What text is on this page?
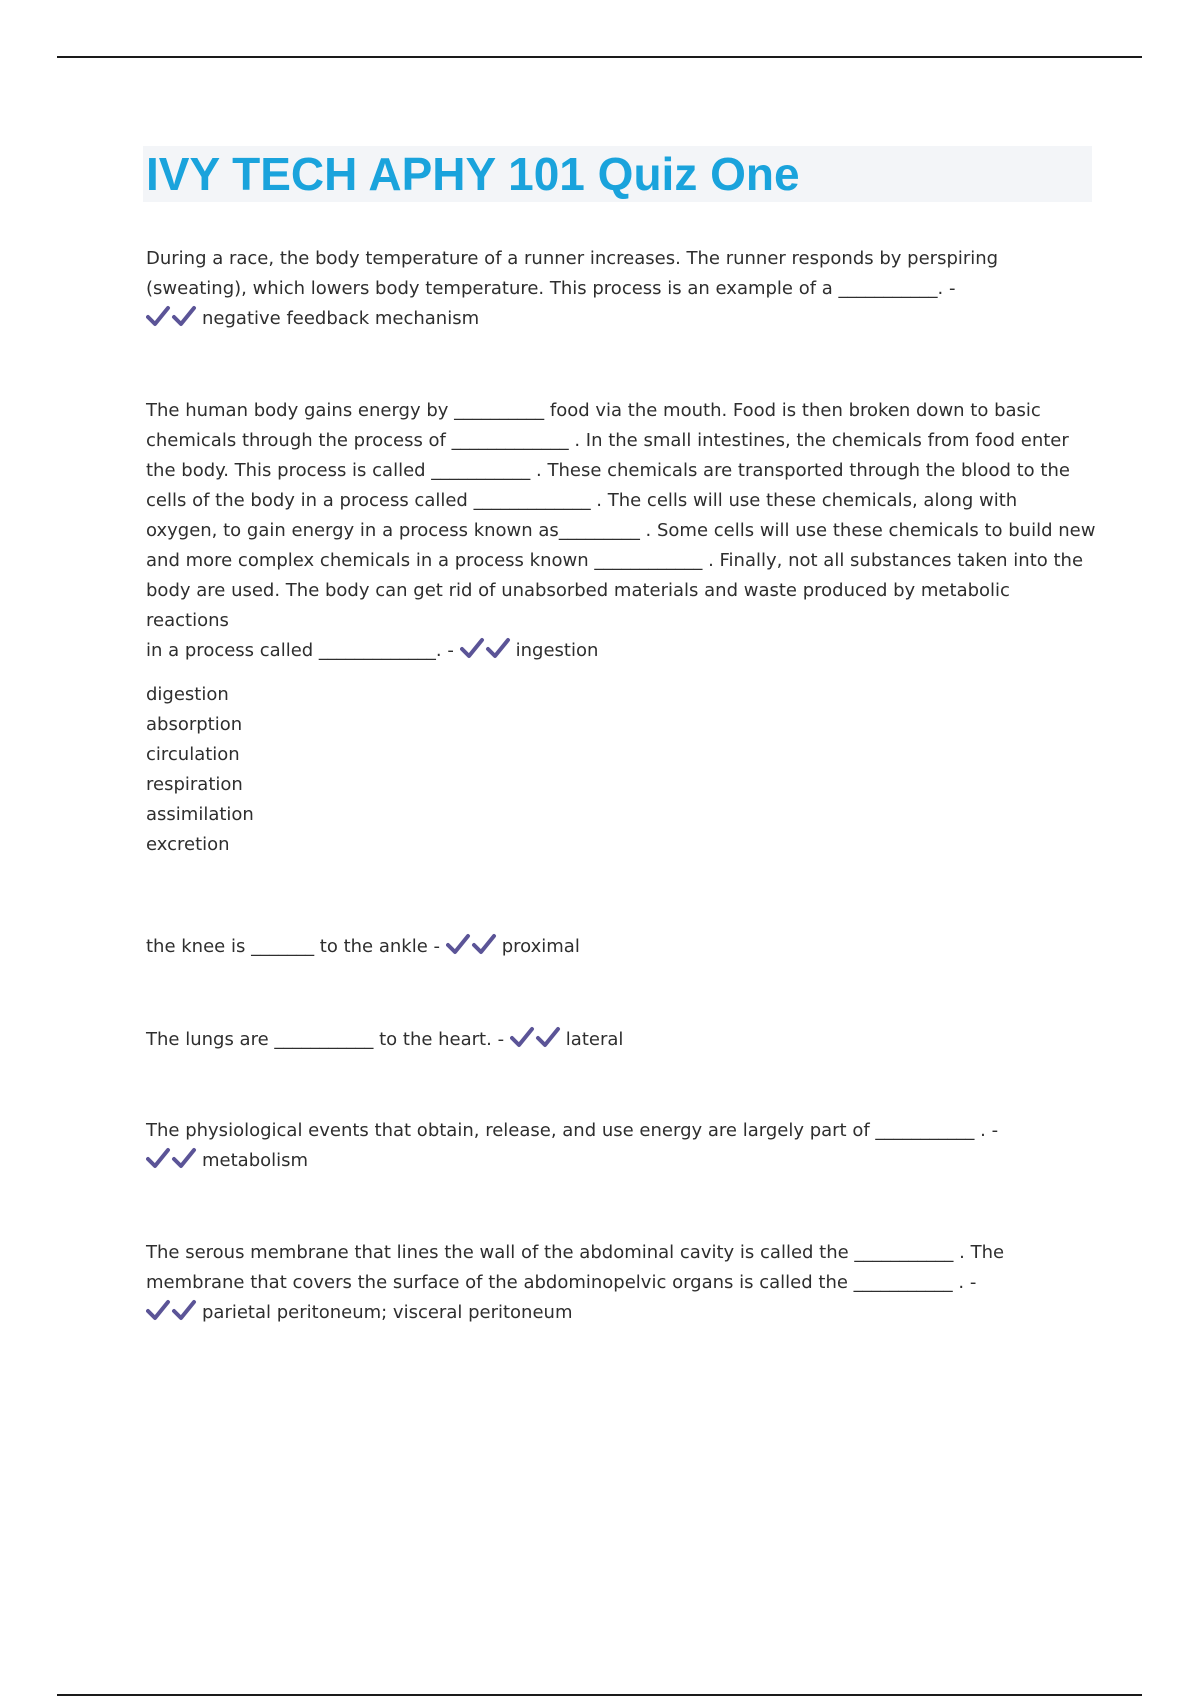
IVY TECH APHY 101 Quiz One

During a race, the body temperature of a runner increases. The runner responds by perspiring

(sweating), which lowers body temperature. This process is an example of a ___________. -

negative feedback mechanism

The human body gains energy by __________ food via the mouth. Food is then broken down to basic

chemicals through the process of _____________ . In the small intestines, the chemicals from food enter

the body. This process is called ___________ . These chemicals are transported through the blood to the

cells of the body in a process called _____________ . The cells will use these chemicals, along with

oxygen, to gain energy in a process known as_________ . Some cells will use these chemicals to build new

and more complex chemicals in a process known ____________ . Finally, not all substances taken into the

body are used. The body can get rid of unabsorbed materials and waste produced by metabolic reactions

in a process called _____________. -	ingestion

digestion

absorption

circulation

respiration

assimilation

excretion

the knee is _______ to the ankle -	proximal

The lungs are ___________ to the heart. -	lateral

The physiological events that obtain, release, and use energy are largely part of ___________ . -

metabolism

The serous membrane that lines the wall of the abdominal cavity is called the ___________ . The

membrane that covers the surface of the abdominopelvic organs is called the ___________ . -

parietal peritoneum; visceral peritoneum
